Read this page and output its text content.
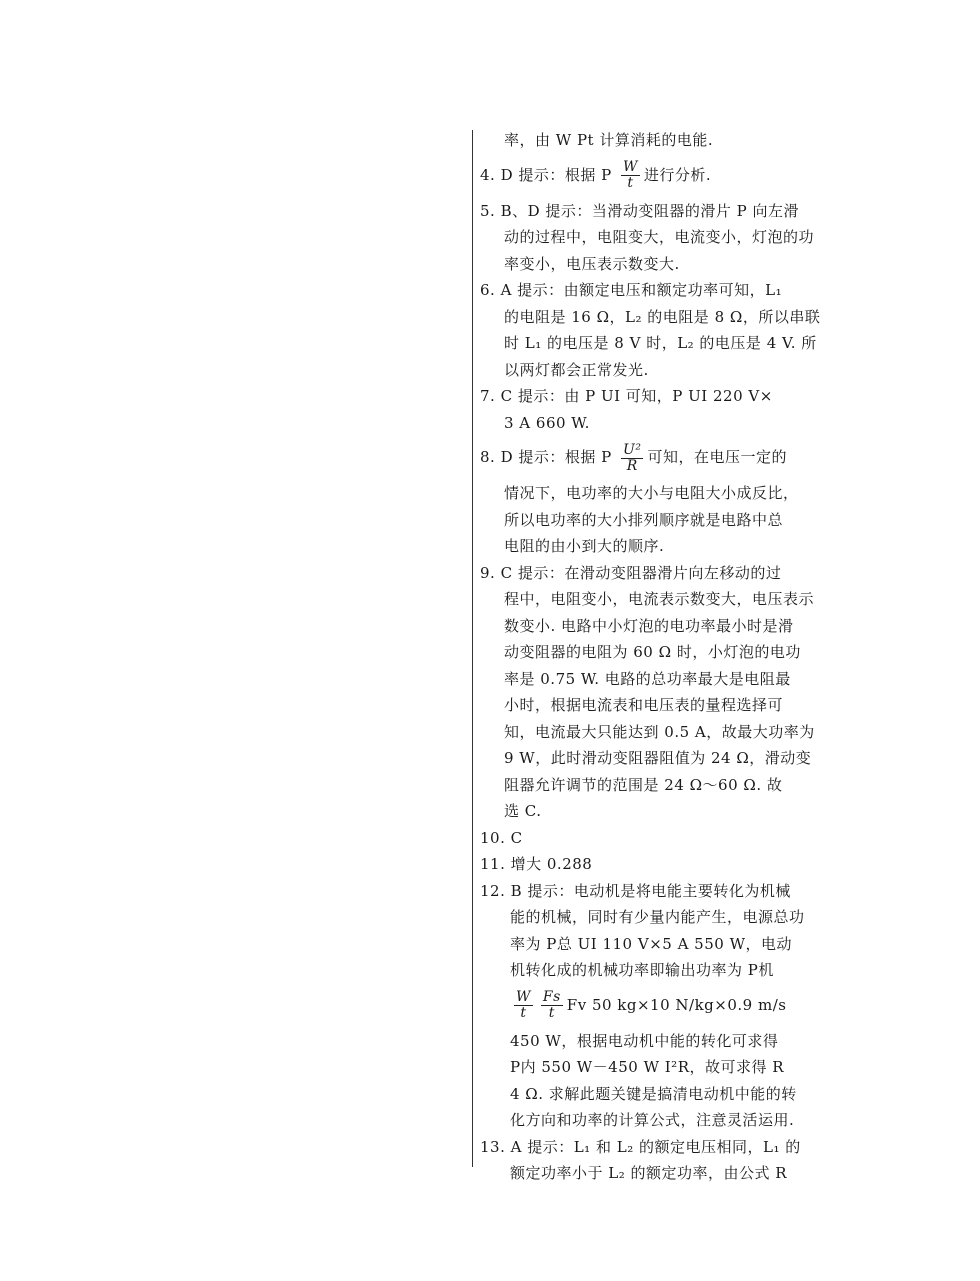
率，由 W Pt 计算消耗的电能.
4. D 提示：根据 P $\frac{W}{t}$ 进行分析.
5. B、D 提示：当滑动变阻器的滑片 P 向左滑
动的过程中，电阻变大，电流变小，灯泡的功
率变小，电压表示数变大.
6. A 提示：由额定电压和额定功率可知，L₁
的电阻是 16 Ω，L₂ 的电阻是 8 Ω，所以串联
时 L₁ 的电压是 8 V 时，L₂ 的电压是 4 V. 所
以两灯都会正常发光.
7. C 提示：由 P UI 可知，P UI 220 V×
3 A 660 W.
8. D 提示：根据 P $\frac{\text{U²}}{R}$ 可知，在电压一定的
情况下，电功率的大小与电阻大小成反比，
所以电功率的大小排列顺序就是电路中总
电阻的由小到大的顺序.
9. C 提示：在滑动变阻器滑片向左移动的过
程中，电阻变小，电流表示数变大，电压表示
数变小. 电路中小灯泡的电功率最小时是滑
动变阻器的电阻为 60 Ω 时，小灯泡的电功
率是 0.75 W. 电路的总功率最大是电阻最
小时，根据电流表和电压表的量程选择可
知，电流最大只能达到 0.5 A，故最大功率为
9 W，此时滑动变阻器阻值为 24 Ω，滑动变
阻器允许调节的范围是 24 Ω～60 Ω. 故
选 C.
10. C
11. 增大 0.288
12. B 提示：电动机是将电能主要转化为机械
能的机械，同时有少量内能产生，电源总功
率为 P总 UI 110 V×5 A 550 W，电动
机转化成的机械功率即输出功率为 P机
$\frac{W}{t} \frac{Fs}{t}$ Fv 50 kg×10 N/kg×0.9 m/s
450 W，根据电动机中能的转化可求得
P内 550 W－450 W I²R，故可求得 R
4 Ω. 求解此题关键是搞清电动机中能的转
化方向和功率的计算公式，注意灵活运用.
13. A 提示：L₁ 和 L₂ 的额定电压相同，L₁ 的
额定功率小于 L₂ 的额定功率，由公式 R
